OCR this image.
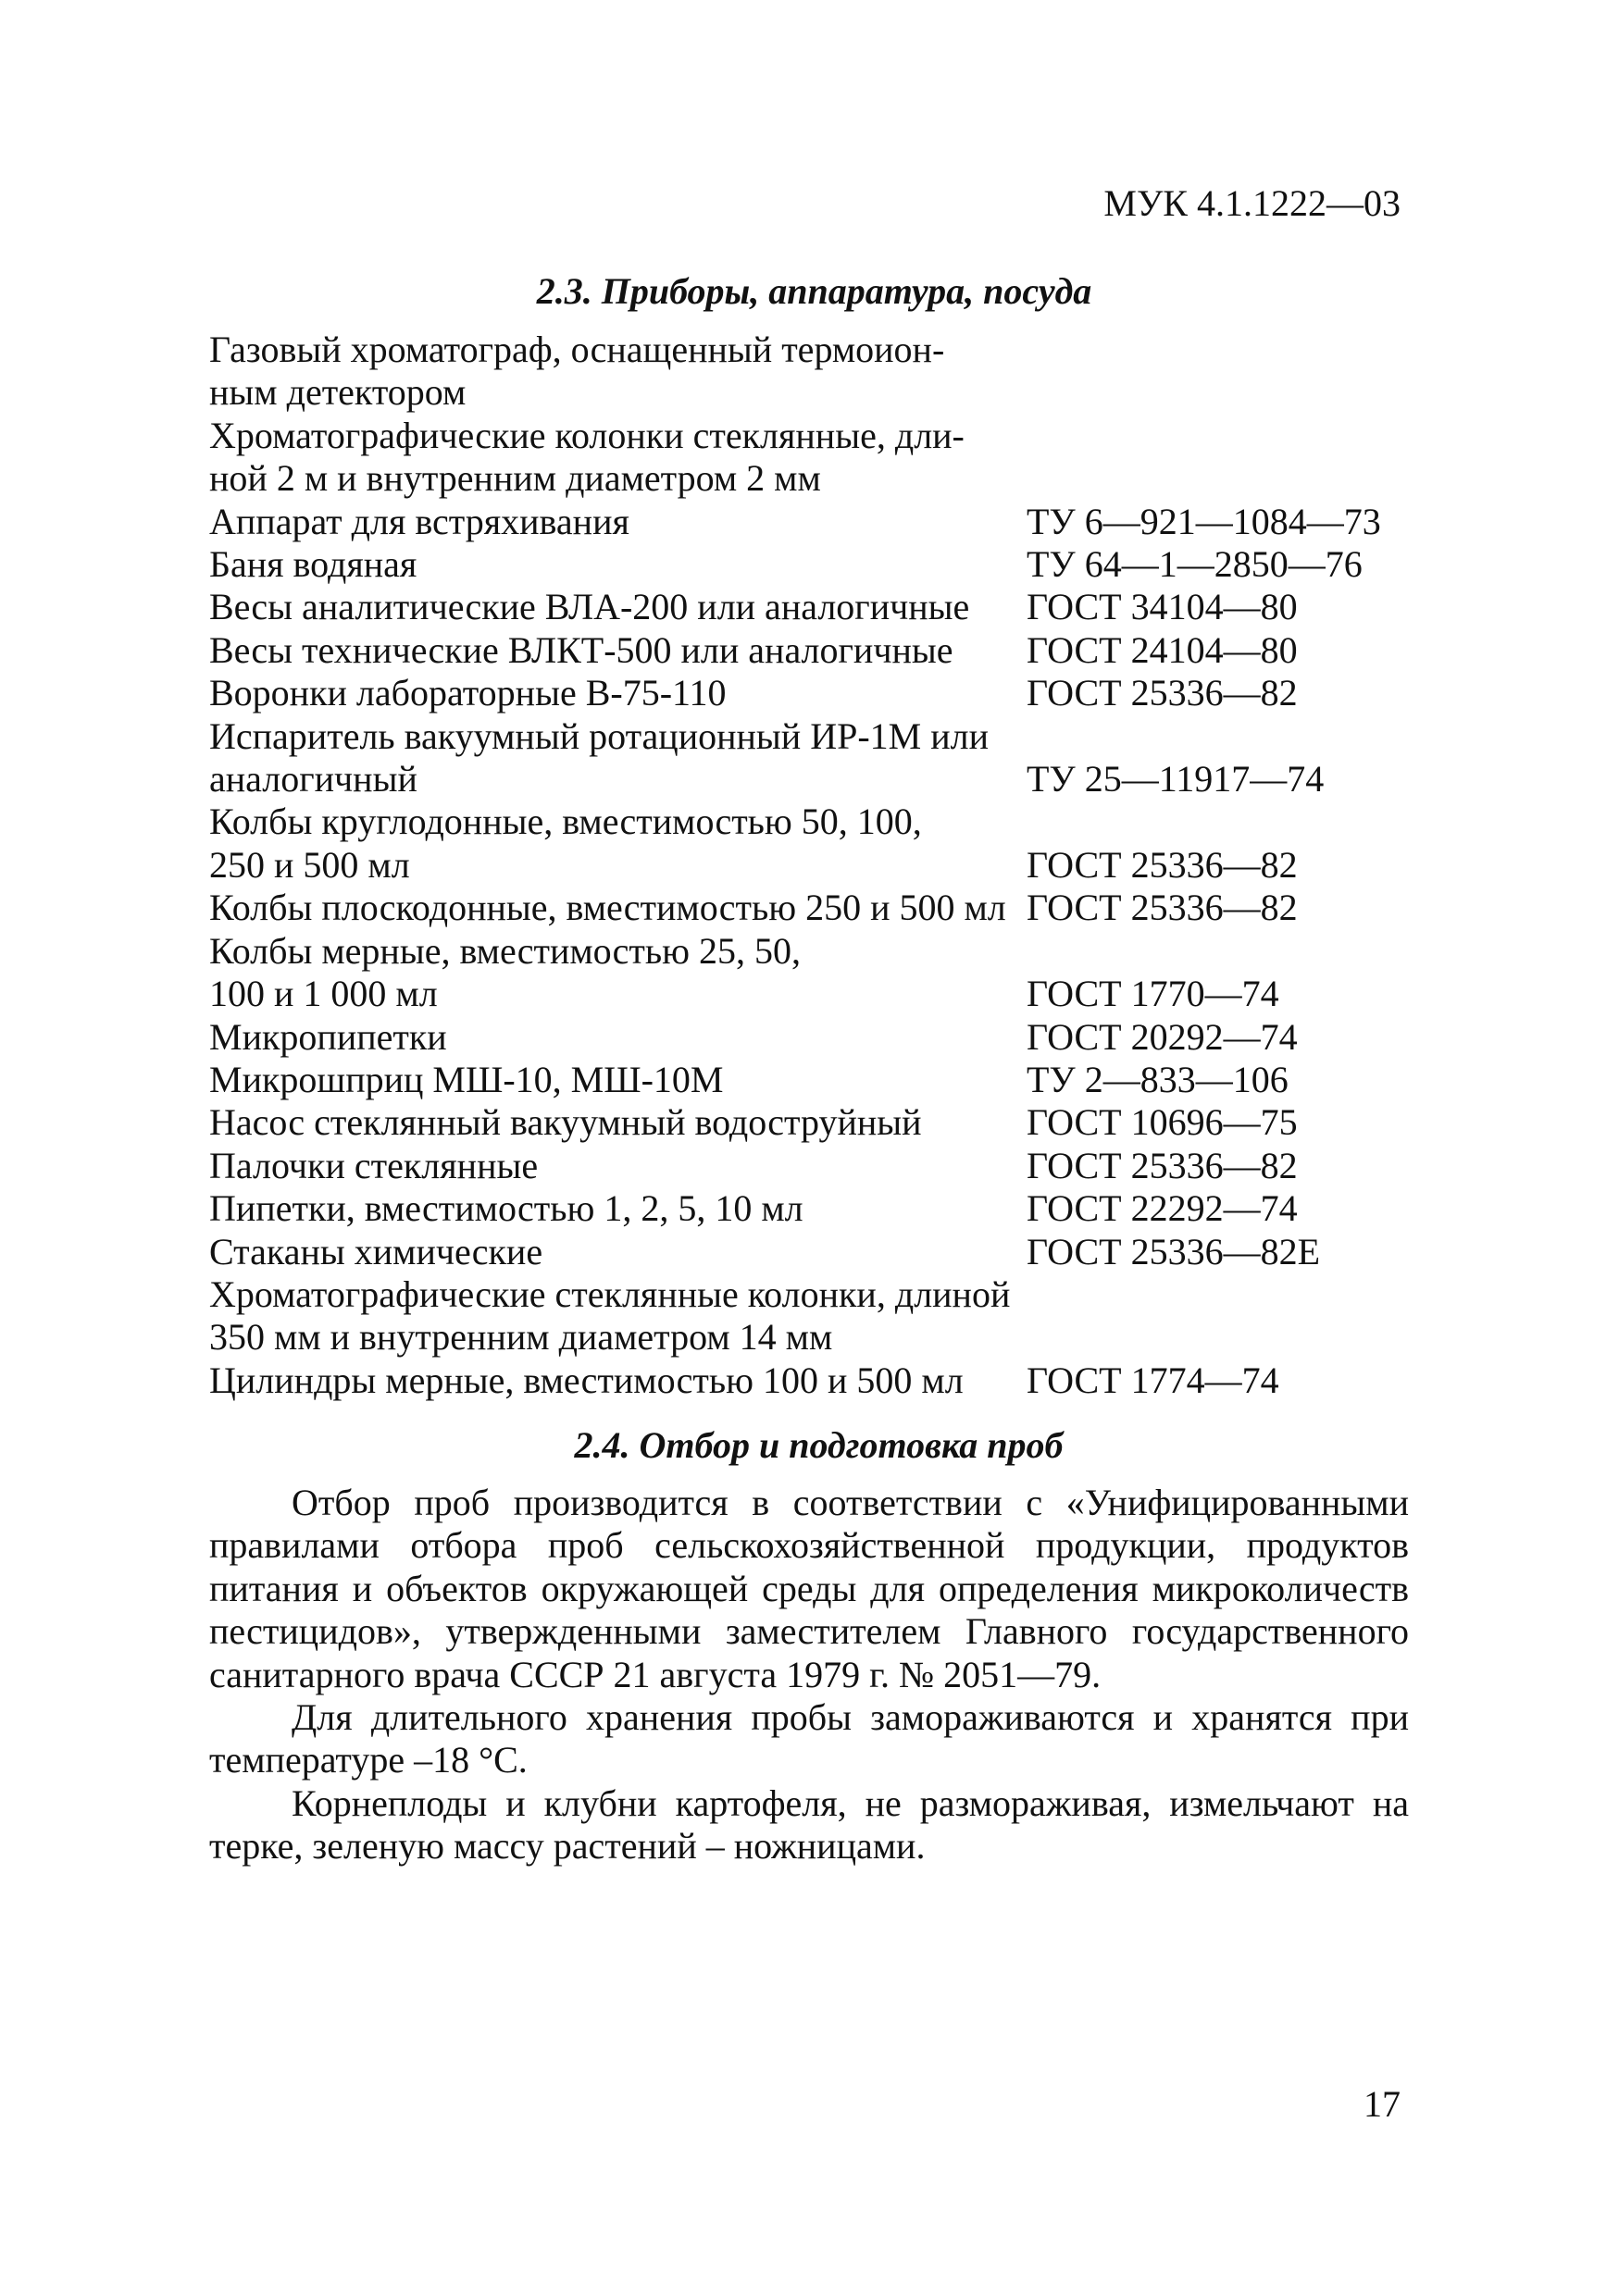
МУК 4.1.1222—03
2.3. Приборы, аппаратура, посуда
Газовый хроматограф, оснащенный термоион-
ным детектором
Хроматографические колонки стеклянные, дли-
ной 2 м и внутренним диаметром 2 мм
Аппарат для встряхивания	ТУ 6—921—1084—73
Баня водяная	ТУ 64—1—2850—76
Весы аналитические ВЛА-200 или аналогичные	ГОСТ 34104—80
Весы технические ВЛКТ-500 или аналогичные	ГОСТ 24104—80
Воронки лабораторные В-75-110	ГОСТ 25336—82
Испаритель вакуумный ротационный ИР-1М или
аналогичный	ТУ 25—11917—74
Колбы круглодонные, вместимостью 50, 100,
250 и 500 мл	ГОСТ 25336—82
Колбы плоскодонные, вместимостью 250 и 500 мл ГОСТ 25336—82
Колбы мерные, вместимостью 25, 50,
100 и 1 000 мл	ГОСТ 1770—74
Микропипетки	ГОСТ 20292—74
Микрошприц МШ-10, МШ-10М	ТУ 2—833—106
Насос стеклянный вакуумный водоструйный	ГОСТ 10696—75
Палочки стеклянные	ГОСТ 25336—82
Пипетки, вместимостью 1, 2, 5, 10 мл	ГОСТ 22292—74
Стаканы химические	ГОСТ 25336—82Е
Хроматографические стеклянные колонки, длиной
350 мм и внутренним диаметром 14 мм
Цилиндры мерные, вместимостью 100 и 500 мл	ГОСТ 1774—74
2.4. Отбор и подготовка проб

Отбор проб производится в соответствии с «Унифицированными правилами отбора проб сельскохозяйственной продукции, продуктов питания и объектов окружающей среды для определения микроколичеств пестицидов», утвержденными заместителем Главного государственного санитарного врача СССР 21 августа 1979 г. № 2051—79.

Для длительного хранения пробы замораживаются и хранятся при температуре –18 °С.

Корнеплоды и клубни картофеля, не размораживая, измельчают на терке, зеленую массу растений – ножницами.

17
